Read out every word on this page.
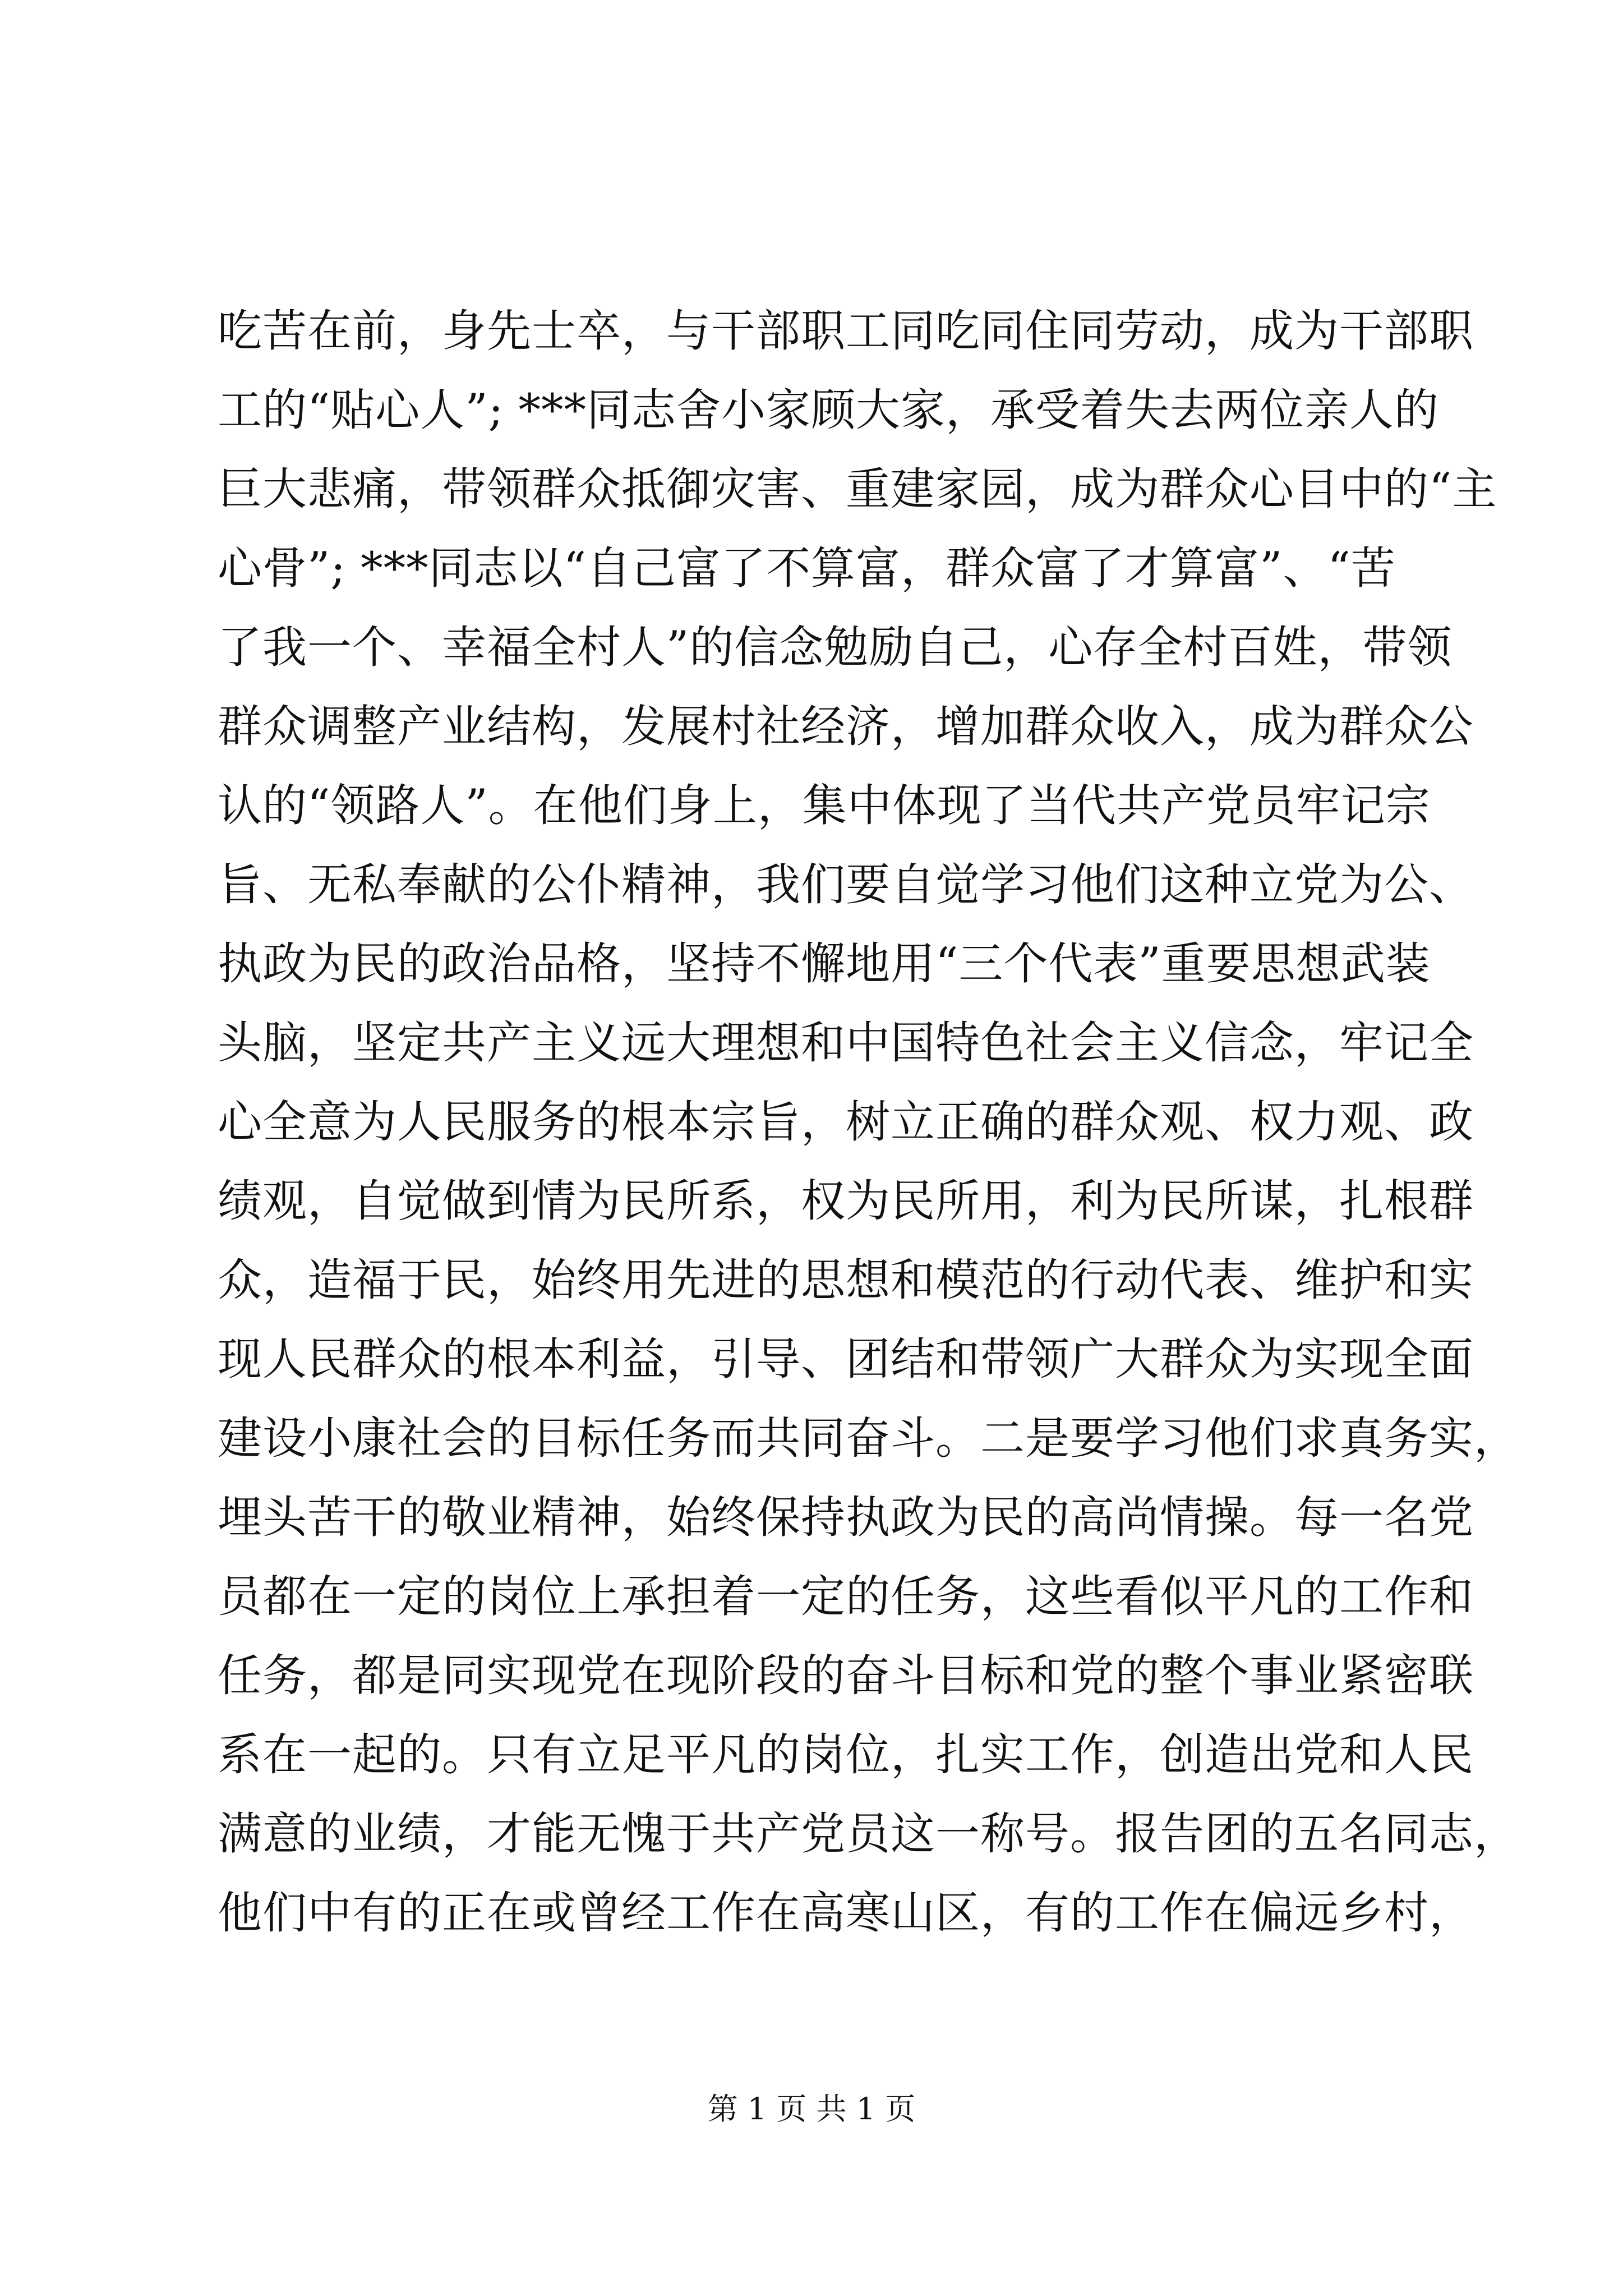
吃苦在前，身先士卒，与干部职工同吃同住同劳动，成为干部职
工的“贴心人”; ***同志舍小家顾大家，承受着失去两位亲人的
巨大悲痛，带领群众抵御灾害、重建家园，成为群众心目中的“主
心骨”; ***同志以“自己富了不算富，群众富了才算富”、“苦
了我一个、幸福全村人”的信念勉励自己，心存全村百姓，带领
群众调整产业结构，发展村社经济，增加群众收入，成为群众公
认的“领路人”。在他们身上，集中体现了当代共产党员牢记宗
旨、无私奉献的公仆精神，我们要自觉学习他们这种立党为公、
执政为民的政治品格，坚持不懈地用“三个代表”重要思想武装
头脑，坚定共产主义远大理想和中国特色社会主义信念，牢记全
心全意为人民服务的根本宗旨，树立正确的群众观、权力观、政
绩观，自觉做到情为民所系，权为民所用，利为民所谋，扎根群
众，造福于民，始终用先进的思想和模范的行动代表、维护和实
现人民群众的根本利益，引导、团结和带领广大群众为实现全面
建设小康社会的目标任务而共同奋斗。二是要学习他们求真务实，
埋头苦干的敬业精神，始终保持执政为民的高尚情操。每一名党
员都在一定的岗位上承担着一定的任务，这些看似平凡的工作和
任务，都是同实现党在现阶段的奋斗目标和党的整个事业紧密联
系在一起的。只有立足平凡的岗位，扎实工作，创造出党和人民
满意的业绩，才能无愧于共产党员这一称号。报告团的五名同志，
他们中有的正在或曾经工作在高寒山区，有的工作在偏远乡村，
第 1 页 共 1 页
